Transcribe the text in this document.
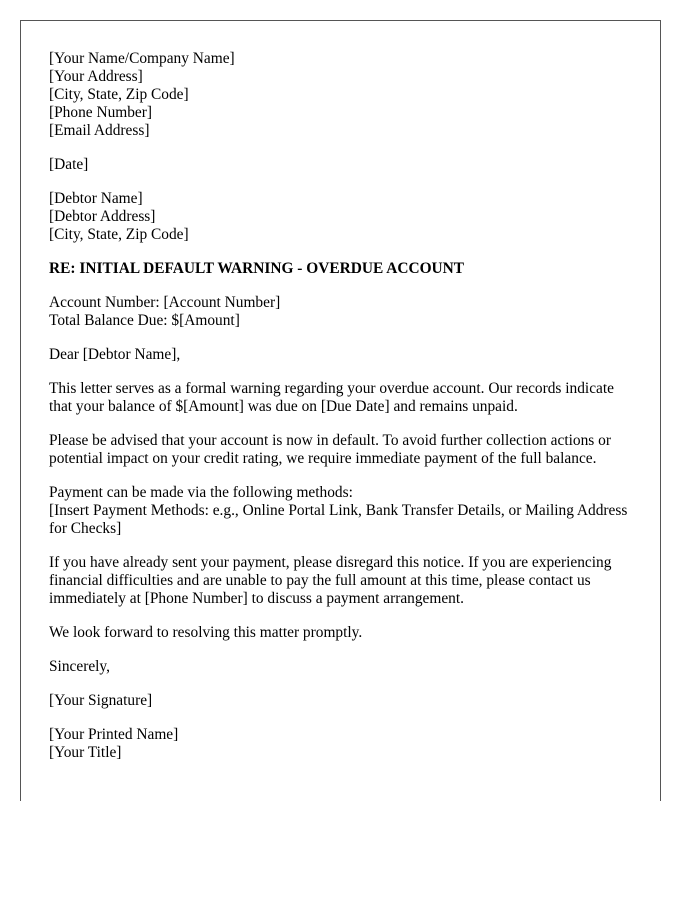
[Your Name/Company Name]
[Your Address]
[City, State, Zip Code]
[Phone Number]
[Email Address]
[Date]
[Debtor Name]
[Debtor Address]
[City, State, Zip Code]
RE: INITIAL DEFAULT WARNING - OVERDUE ACCOUNT
Account Number: [Account Number]
Total Balance Due: $[Amount]
Dear [Debtor Name],
This letter serves as a formal warning regarding your overdue account. Our records indicate that your balance of $[Amount] was due on [Due Date] and remains unpaid.
Please be advised that your account is now in default. To avoid further collection actions or potential impact on your credit rating, we require immediate payment of the full balance.
Payment can be made via the following methods:
[Insert Payment Methods: e.g., Online Portal Link, Bank Transfer Details, or Mailing Address for Checks]
If you have already sent your payment, please disregard this notice. If you are experiencing financial difficulties and are unable to pay the full amount at this time, please contact us immediately at [Phone Number] to discuss a payment arrangement.
We look forward to resolving this matter promptly.
Sincerely,
[Your Signature]
[Your Printed Name]
[Your Title]
